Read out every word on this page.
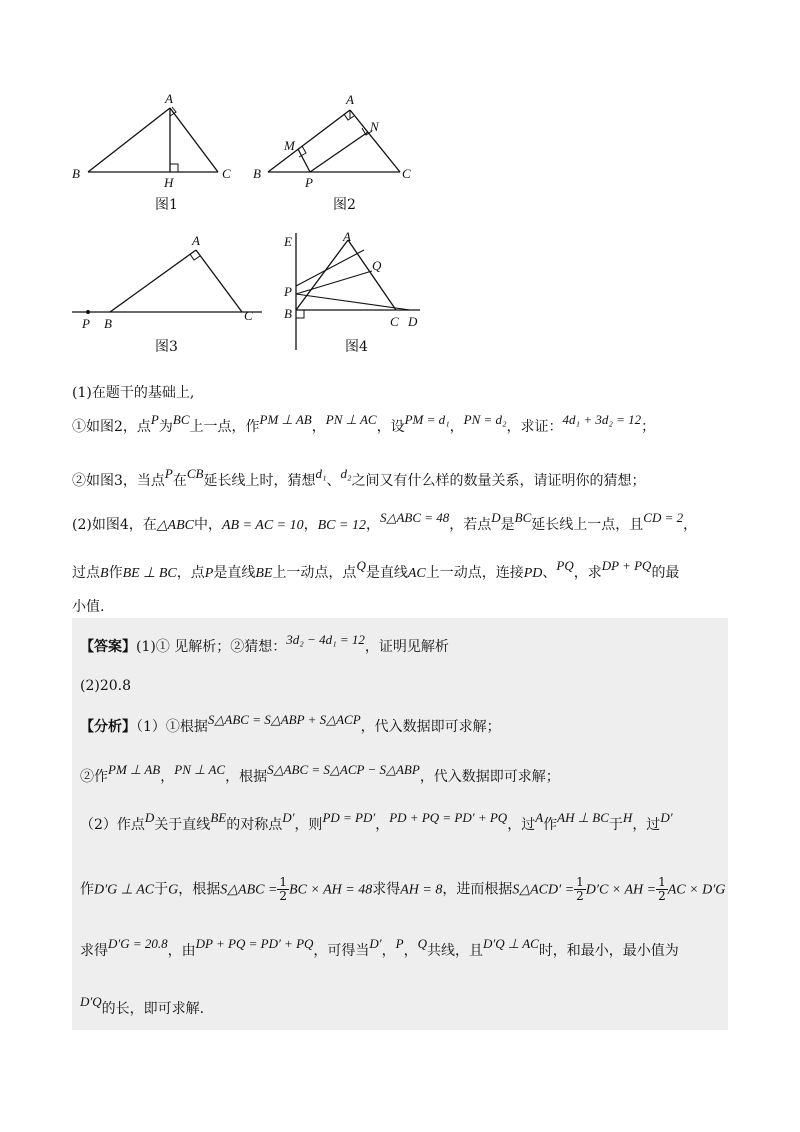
A
B
H
C
图1
A
M
N
B
P
C
图2
A
P B
C
图3
E	A
Q
P
B
C D
图4
(1)在题干的基础上,
①如图2，点P为BC上一点，作PM ⊥ AB，PN ⊥ AC，设PM = d₁，PN = d₂，求证：4d₁ + 3d₂ = 12；
②如图3，当点P在CB延长线上时，猜想d₁、d₂之间又有什么样的数量关系，请证明你的猜想；
(2)如图4，在△ABC中，AB = AC = 10，BC = 12，S△ABC = 48，若点D是BC延长线上一点，且CD = 2，
过点B作BE ⊥ BC，点P是直线BE上一动点，点Q是直线AC上一动点，连接PD、PQ，求DP + PQ的最
小值.
【答案】(1)① 见解析；②猜想：3d₂ − 4d₁ = 12，证明见解析
(2)20.8
【分析】（1）①根据S△ABC = S△ABP + S△ACP，代入数据即可求解；
②作PM ⊥ AB，PN ⊥ AC，根据S△ABC = S△ACP − S△ABP，代入数据即可求解；
（2）作点D关于直线BE的对称点D′，则PD = PD′，PD + PQ = PD′ + PQ，过A作AH ⊥ BC于H，过D′
作D′G ⊥ AC于G，根据S△ABC = $\frac{1}{2}BC$ × AH = 48求得AH = 8，进而根据S△ACD′ = $\frac{1}{2}D'C$ × AH = $\frac{1}{2}AC \times D'G$
求得D′G = 20.8，由DP + PQ = PD′ + PQ，可得当D′，P，Q共线，且D′Q ⊥ AC时，和最小，最小值为
D′Q的长，即可求解.
